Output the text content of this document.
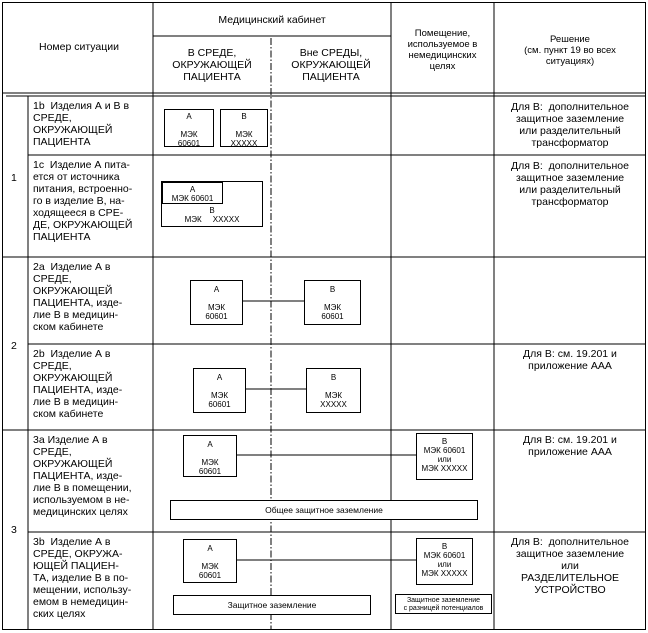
Номер ситуации
Медицинский кабинет
В СРЕДЕ,
ОКРУЖАЮЩЕЙ
ПАЦИЕНТА
Вне СРЕДЫ,
ОКРУЖАЮЩЕЙ
ПАЦИЕНТА
Помещение,
используемое в
немедицинских
целях
Решение
(см. пункт 19 во всех
ситуациях)
1
2
3
1b  Изделия А и В в
СРЕДЕ,
ОКРУЖАЮЩЕЙ
ПАЦИЕНТА
1с  Изделие А пита-
ется от источника
питания, встроенно-
го в изделие В, на-
ходящееся в СРЕ-
ДЕ, ОКРУЖАЮЩЕЙ
ПАЦИЕНТА
2а  Изделие А в
СРЕДЕ,
ОКРУЖАЮЩЕЙ
ПАЦИЕНТА, изде-
лие В в медицин-
ском кабинете
2b  Изделие А в
СРЕДЕ,
ОКРУЖАЮЩЕЙ
ПАЦИЕНТА, изде-
лие В в медицин-
ском кабинете
3а Изделие А в
СРЕДЕ,
ОКРУЖАЮЩЕЙ
ПАЦИЕНТА, изде-
лие В в помещении,
используемом в не-
медицинских целях
3b  Изделие А в
СРЕДЕ, ОКРУЖА-
ЮЩЕЙ ПАЦИЕН-
ТА, изделие В в по-
мещении, использу-
емом в немедицин-
ских целях
Для В:  дополнительное
защитное заземление
или разделительный
трансформатор
Для В:  дополнительное
защитное заземление
или разделительный
трансформатор
Для В: см. 19.201 и
приложение ААА
Для В: см. 19.201 и
приложение ААА
Для В:  дополнительное
защитное заземление
или
РАЗДЕЛИТЕЛЬНОЕ
УСТРОЙСТВО
А

МЭК
60601
В

МЭК
XXXXX
В
МЭК     XXXXX
А
МЭК 60601
А

МЭК
60601
В

МЭК
60601
А

МЭК
60601
В

МЭК
XXXXX
А

МЭК
60601
В
МЭК 60601
или
МЭК XXXXX
Общее защитное заземление
А

МЭК
60601
В
МЭК 60601
или
МЭК XXXXX
Защитное заземление	Защитное заземление
с разницей потенциалов
